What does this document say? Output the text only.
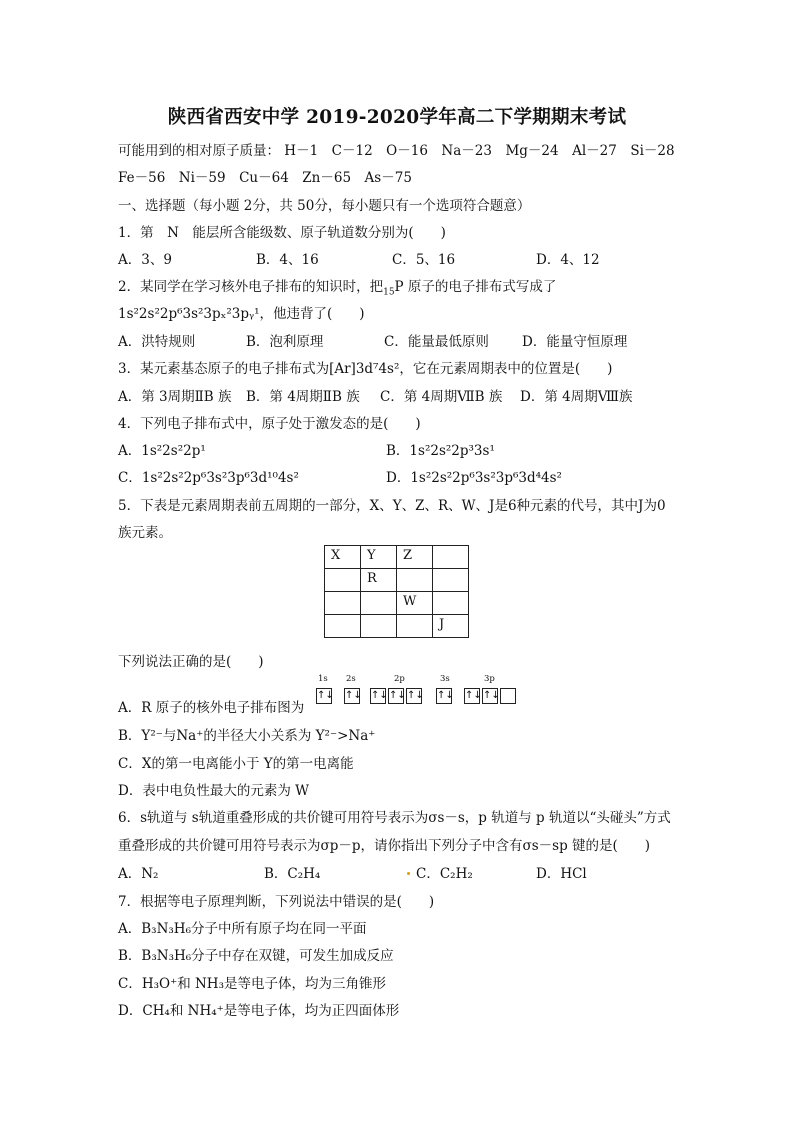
陕西省西安中学 2019-2020学年高二下学期期末考试
可能用到的相对原子质量： H－1　C－12　O－16　Na－23　Mg－24　Al－27　Si－28
Fe－56　Ni－59　Cu－64　Zn－65　As－75
一、选择题（每小题 2分，共 50分，每小题只有一个选项符合题意）
1．第　N　能层所含能级数、原子轨道数分别为(　　)
A．3、9	B．4、16	C．5、16	D．4、12
2．某同学在学习核外电子排布的知识时，把$_{15}$P 原子的电子排布式写成了
1s²2s²2p⁶3s²3pₓ²3pᵧ¹，他违背了(　　)
A．洪特规则	B．泡利原理	C．能量最低原则 D．能量守恒原理
3．某元素基态原子的电子排布式为[Ar]3d⁷4s²，它在元素周期表中的位置是(　　)
A．第 3周期ⅡB 族 B．第 4周期ⅡB 族 C．第 4周期ⅦB 族 D．第 4周期Ⅷ族
4．下列电子排布式中，原子处于激发态的是(　　)
A．1s²2s²2p¹	B．1s²2s²2p³3s¹
C．1s²2s²2p⁶3s²3p⁶3d¹⁰4s²	D．1s²2s²2p⁶3s²3p⁶3d⁴4s²
5．下表是元素周期表前五周期的一部分，X、Y、Z、R、W、J是6种元素的代号，其中J为0
族元素。
X	Y	Z	
	R		
		W	
			J
下列说法正确的是(　　)
A．R 原子的核外电子排布图为
1s 2s	2p	3s	3p
↑↓ ↑↓ ↑↓ ↑↓ ↑↓ ↑↓ ↑↓ ↑↓
B．Y²⁻与Na⁺的半径大小关系为 Y²⁻>Na⁺
C．X的第一电离能小于 Y的第一电离能
D．表中电负性最大的元素为 W
6．s轨道与 s轨道重叠形成的共价键可用符号表示为σs－s，p 轨道与 p 轨道以“头碰头”方式
重叠形成的共价键可用符号表示为σp－p，请你指出下列分子中含有σs－sp 键的是(　　)
A．N₂	B．C₂H₄	C．C₂H₂	D．HCl
7．根据等电子原理判断，下列说法中错误的是(　　)
A．B₃N₃H₆分子中所有原子均在同一平面
B．B₃N₃H₆分子中存在双键，可发生加成反应
C．H₃O⁺和 NH₃是等电子体，均为三角锥形
D．CH₄和 NH₄⁺是等电子体，均为正四面体形
